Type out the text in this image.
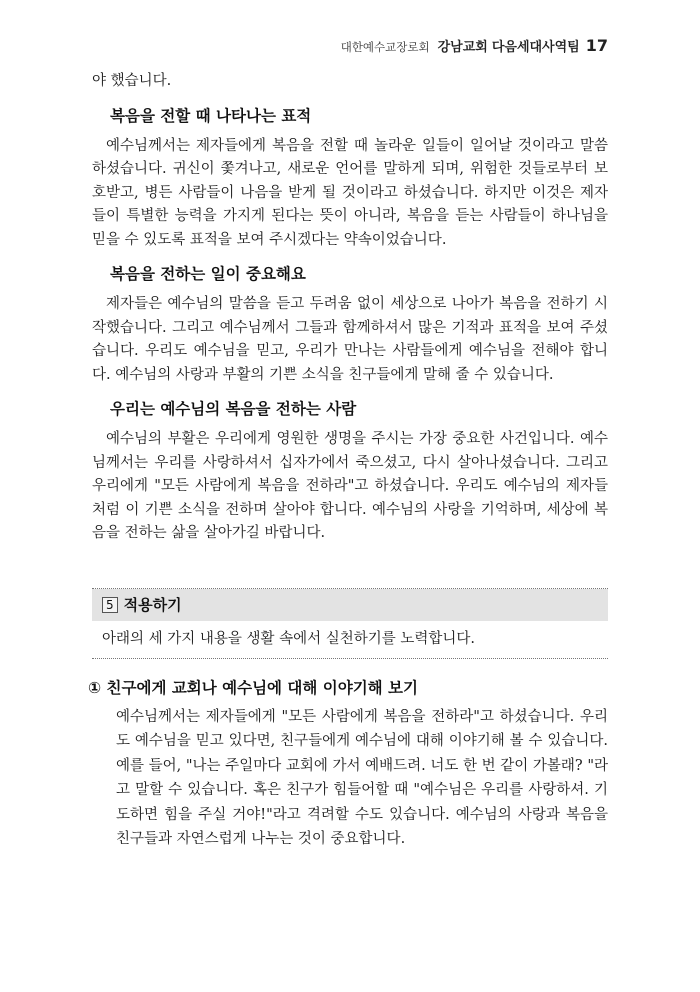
대한예수교장로회 강남교회 다음세대사역팀 17

야 했습니다.

복음을 전할 때 나타나는 표적

예수님께서는 제자들에게 복음을 전할 때 놀라운 일들이 일어날 것이라고 말씀하셨습니다. 귀신이 쫓겨나고, 새로운 언어를 말하게 되며, 위험한 것들로부터 보호받고, 병든 사람들이 나음을 받게 될 것이라고 하셨습니다. 하지만 이것은 제자들이 특별한 능력을 가지게 된다는 뜻이 아니라, 복음을 듣는 사람들이 하나님을 믿을 수 있도록 표적을 보여 주시겠다는 약속이었습니다.

복음을 전하는 일이 중요해요

제자들은 예수님의 말씀을 듣고 두려움 없이 세상으로 나아가 복음을 전하기 시작했습니다. 그리고 예수님께서 그들과 함께하셔서 많은 기적과 표적을 보여 주셨습니다. 우리도 예수님을 믿고, 우리가 만나는 사람들에게 예수님을 전해야 합니다. 예수님의 사랑과 부활의 기쁜 소식을 친구들에게 말해 줄 수 있습니다.

우리는 예수님의 복음을 전하는 사람

예수님의 부활은 우리에게 영원한 생명을 주시는 가장 중요한 사건입니다. 예수님께서는 우리를 사랑하셔서 십자가에서 죽으셨고, 다시 살아나셨습니다. 그리고 우리에게 "모든 사람에게 복음을 전하라"고 하셨습니다. 우리도 예수님의 제자들처럼 이 기쁜 소식을 전하며 살아야 합니다. 예수님의 사랑을 기억하며, 세상에 복음을 전하는 삶을 살아가길 바랍니다.

5 적용하기
아래의 세 가지 내용을 생활 속에서 실천하기를 노력합니다.
① 친구에게 교회나 예수님에 대해 이야기해 보기

예수님께서는 제자들에게 "모든 사람에게 복음을 전하라"고 하셨습니다. 우리도 예수님을 믿고 있다면, 친구들에게 예수님에 대해 이야기해 볼 수 있습니다. 예를 들어, "나는 주일마다 교회에 가서 예배드려. 너도 한 번 같이 가볼래? "라고 말할 수 있습니다. 혹은 친구가 힘들어할 때 "예수님은 우리를 사랑하셔. 기도하면 힘을 주실 거야!"라고 격려할 수도 있습니다. 예수님의 사랑과 복음을 친구들과 자연스럽게 나누는 것이 중요합니다.
